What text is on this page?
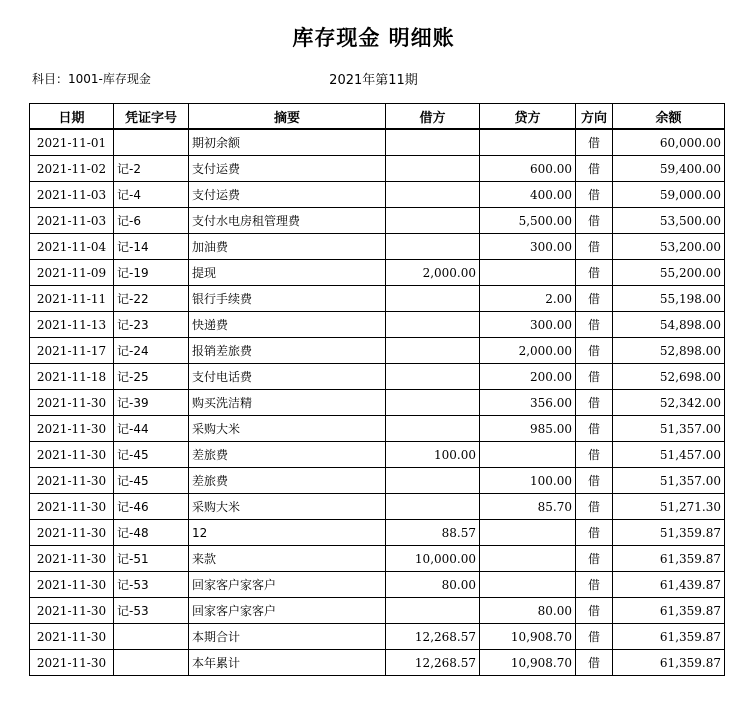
库存现金 明细账
科目：1001-库存现金	2021年第11期
日期	凭证字号	摘要	借方	贷方	方向	余额
2021-11-01		期初余额			借	60,000.00
2021-11-02	记-2	支付运费		600.00	借	59,400.00
2021-11-03	记-4	支付运费		400.00	借	59,000.00
2021-11-03	记-6	支付水电房租管理费		5,500.00	借	53,500.00
2021-11-04	记-14	加油费		300.00	借	53,200.00
2021-11-09	记-19	提现	2,000.00		借	55,200.00
2021-11-11	记-22	银行手续费		2.00	借	55,198.00
2021-11-13	记-23	快递费		300.00	借	54,898.00
2021-11-17	记-24	报销差旅费		2,000.00	借	52,898.00
2021-11-18	记-25	支付电话费		200.00	借	52,698.00
2021-11-30	记-39	购买洗洁精		356.00	借	52,342.00
2021-11-30	记-44	采购大米		985.00	借	51,357.00
2021-11-30	记-45	差旅费	100.00		借	51,457.00
2021-11-30	记-45	差旅费		100.00	借	51,357.00
2021-11-30	记-46	采购大米		85.70	借	51,271.30
2021-11-30	记-48	12	88.57		借	51,359.87
2021-11-30	记-51	来款	10,000.00		借	61,359.87
2021-11-30	记-53	回家客户家客户	80.00		借	61,439.87
2021-11-30	记-53	回家客户家客户		80.00	借	61,359.87
2021-11-30		本期合计	12,268.57	10,908.70	借	61,359.87
2021-11-30		本年累计	12,268.57	10,908.70	借	61,359.87
